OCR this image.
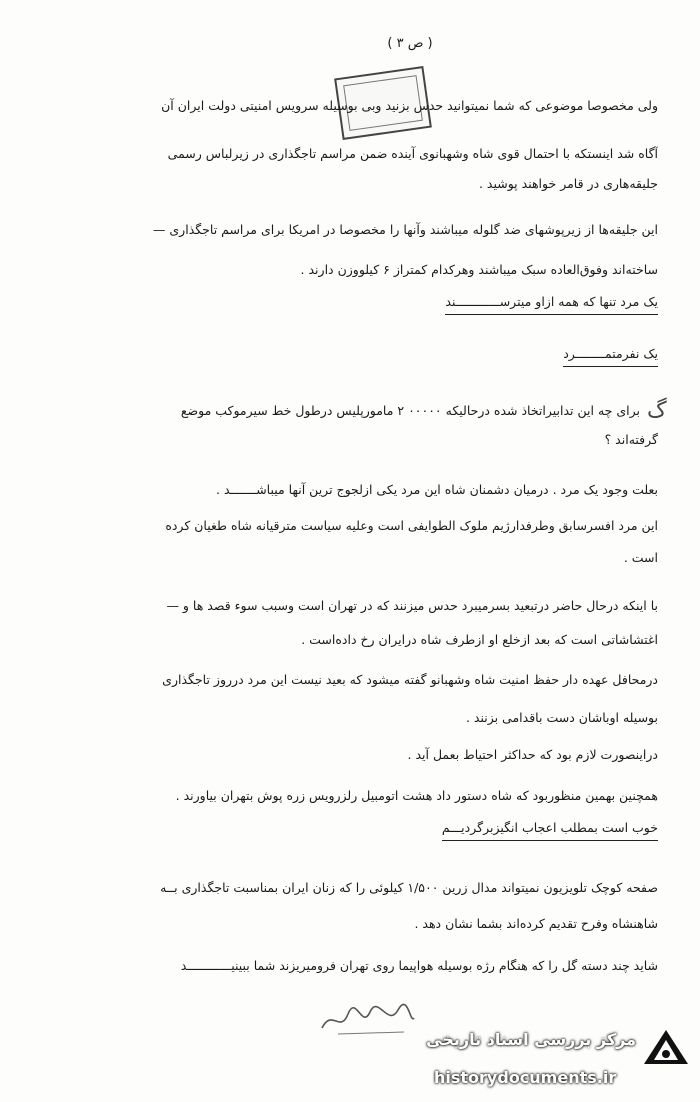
( ص ۳ )
ولی مخصوصا موضوعی که شما نمیتوانید حدس بزنید وبی بوسیله سرویس امنیتی دولت ایران آن
آگاه شد اینستکه با احتمال قوی شاه وشهبانوی آینده ضمن مراسم تاجگذاری در زیرلباس رسمی
جلیقه‌هاری در قامر خواهند پوشید .
این جلیقه‌ها از زیرپوشهای ضد گلوله میباشند وآنها را مخصوصا در امریکا برای مراسم تاجگذاری —
ساخته‌اند وفوق‌العاده سبک میباشند وهرکدام کمتراز ۶ کیلووزن دارند .
یک مرد تنها که همه ازاو میترســــــــــــند
یک نفرمتمــــــــرد
برای چه این تدابیراتخاذ شده درحالیکه ۰۰۰۰۰ ۲ مامورپلیس درطول خط سیرموکب موضع ﮒ
گرفته‌اند ؟
بعلت وجود یک مرد . درمیان دشمنان شاه این مرد یکی ازلجوج ترین آنها میباشـــــــد .
این مرد افسرسابق وطرفدارژیم ملوک الطوایفی است وعلیه سیاست مترقیانه شاه طغیان کرده
است .
با اینکه درحال حاضر درتبعید بسرمیبرد حدس میزنند که در تهران است وسبب سوء قصد ها و —
اغتشاشاتی است که بعد ازخلع او ازطرف شاه درایران رخ داده‌است .
درمحافل عهده دار حفظ امنیت شاه وشهبانو گفته میشود که بعید نیست این مرد درروز تاجگذاری
بوسیله اوباشان دست باقدامی بزنند .
دراینصورت لازم بود که حداکثر احتیاط بعمل آید .
همچنین بهمین منظوربود که شاه دستور داد هشت اتومبیل رلزرویس زره پوش بتهران بیاورند .
خوب است بمطلب اعجاب انگیزبرگردیـــم
صفحه کوچک تلویزیون نمیتواند مدال زرین ۱/۵۰۰ کیلوئی را که زنان ایران بمناسبت تاجگذاری بــه
شاهنشاه وفرح تقدیم کرده‌اند بشما نشان دهد .
شاید چند دسته گل را که هنگام رژه بوسیله هواپیما روی تهران فرومیریزند شما ببینیــــــــــــد
مرکز بررسی اسناد تاریخی
historydocuments.ir
